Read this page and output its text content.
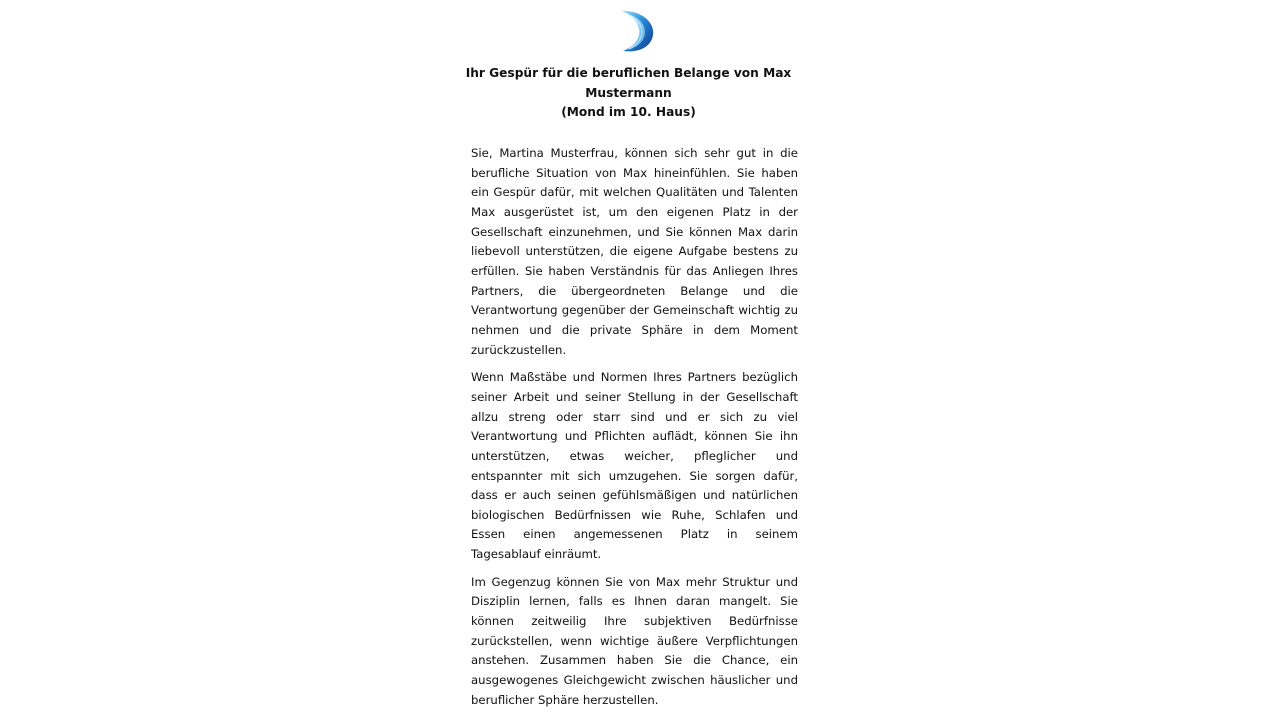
Ihr Gespür für die beruflichen Belange von Max
Mustermann
(Mond im 10. Haus)

Sie, Martina Musterfrau, können sich sehr gut in die berufliche Situation von Max hineinfühlen. Sie haben ein Gespür dafür, mit welchen Qualitäten und Talenten Max ausgerüstet ist, um den eigenen Platz in der Gesellschaft einzunehmen, und Sie können Max darin liebevoll unterstützen, die eigene Aufgabe bestens zu erfüllen. Sie haben Verständnis für das Anliegen Ihres Partners, die übergeordneten Belange und die Verantwortung gegenüber der Gemeinschaft wichtig zu nehmen und die private Sphäre in dem Moment zurückzustellen.

Wenn Maßstäbe und Normen Ihres Partners bezüglich seiner Arbeit und seiner Stellung in der Gesellschaft allzu streng oder starr sind und er sich zu viel Verantwortung und Pflichten auflädt, können Sie ihn unterstützen, etwas weicher, pfleglicher und entspannter mit sich umzugehen. Sie sorgen dafür, dass er auch seinen gefühlsmäßigen und natürlichen biologischen Bedürfnissen wie Ruhe, Schlafen und Essen einen angemessenen Platz in seinem Tagesablauf einräumt.

Im Gegenzug können Sie von Max mehr Struktur und Disziplin lernen, falls es Ihnen daran mangelt. Sie können zeitweilig Ihre subjektiven Bedürfnisse zurückstellen, wenn wichtige äußere Verpflichtungen anstehen. Zusammen haben Sie die Chance, ein ausgewogenes Gleichgewicht zwischen häuslicher und beruflicher Sphäre herzustellen.
